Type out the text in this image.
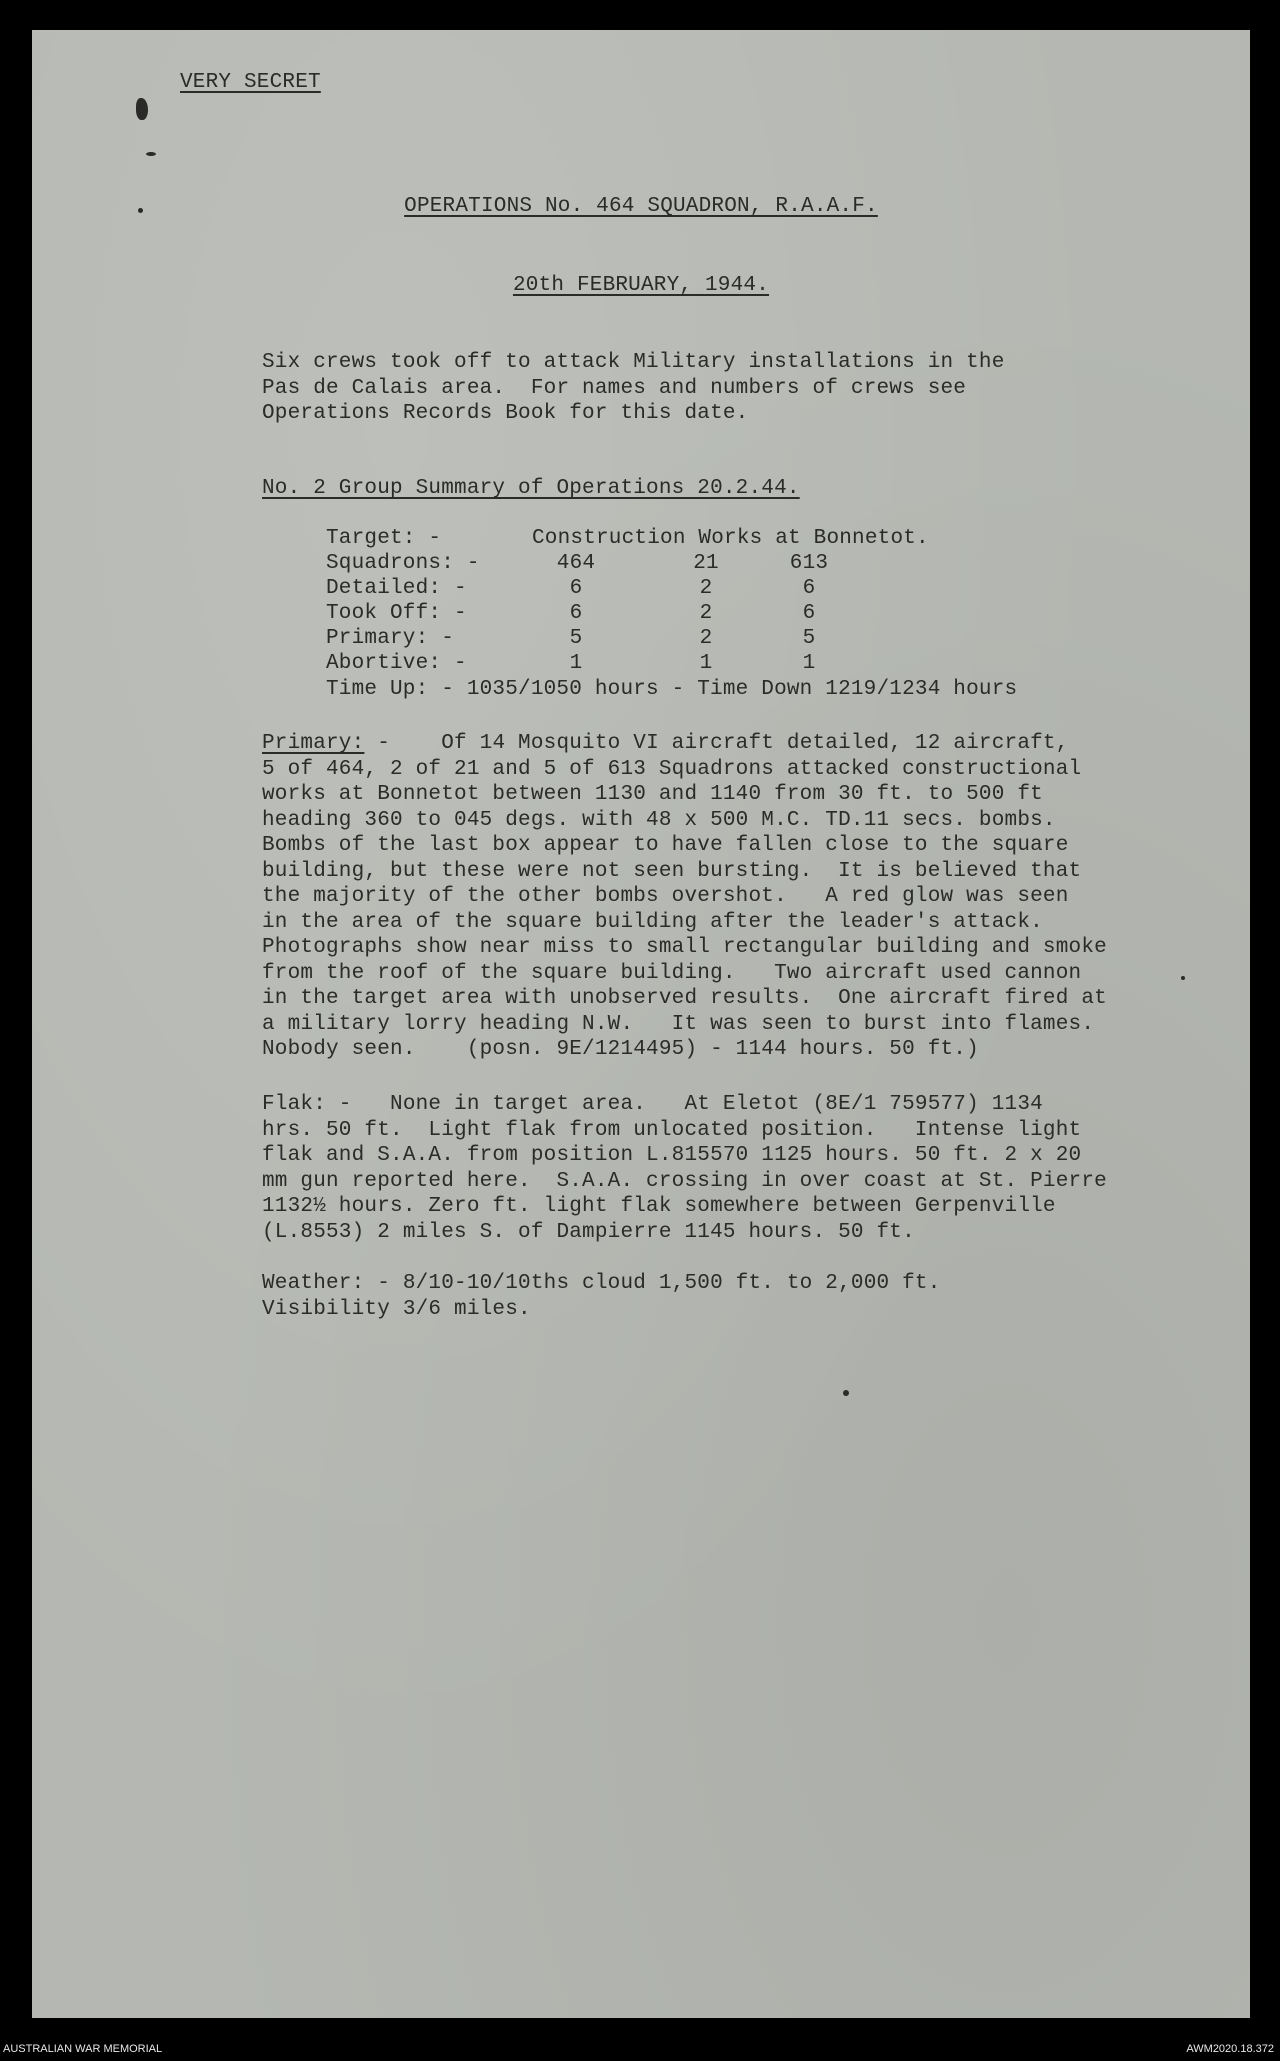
VERY SECRET
OPERATIONS No. 464 SQUADRON, R.A.A.F.
20th FEBRUARY, 1944.
Six crews took off to attack Military installations in the
Pas de Calais area.  For names and numbers of crews see
Operations Records Book for this date.
No. 2 Group Summary of Operations 20.2.44.
Target: -	Construction Works at Bonnetot.
Squadrons: -	464	21	613
Detailed: -	6	2	6
Took Off: -	6	2	6
Primary: -	5	2	5
Abortive: -	1	1	1
Time Up: - 1035/1050 hours - Time Down 1219/1234 hours
Primary: -    Of 14 Mosquito VI aircraft detailed, 12 aircraft,
5 of 464, 2 of 21 and 5 of 613 Squadrons attacked constructional
works at Bonnetot between 1130 and 1140 from 30 ft. to 500 ft
heading 360 to 045 degs. with 48 x 500 M.C. TD.11 secs. bombs.
Bombs of the last box appear to have fallen close to the square
building, but these were not seen bursting.  It is believed that
the majority of the other bombs overshot.   A red glow was seen
in the area of the square building after the leader's attack.
Photographs show near miss to small rectangular building and smoke
from the roof of the square building.   Two aircraft used cannon
in the target area with unobserved results.  One aircraft fired at
a military lorry heading N.W.   It was seen to burst into flames.
Nobody seen.    (posn. 9E/1214495) - 1144 hours. 50 ft.)
Flak: -   None in target area.   At Eletot (8E/1 759577) 1134
hrs. 50 ft.  Light flak from unlocated position.   Intense light
flak and S.A.A. from position L.815570 1125 hours. 50 ft. 2 x 20
mm gun reported here.  S.A.A. crossing in over coast at St. Pierre
1132½ hours. Zero ft. light flak somewhere between Gerpenville
(L.8553) 2 miles S. of Dampierre 1145 hours. 50 ft.
Weather: - 8/10-10/10ths cloud 1,500 ft. to 2,000 ft.
Visibility 3/6 miles.
AUSTRALIAN WAR MEMORIAL	AWM2020.18.372
